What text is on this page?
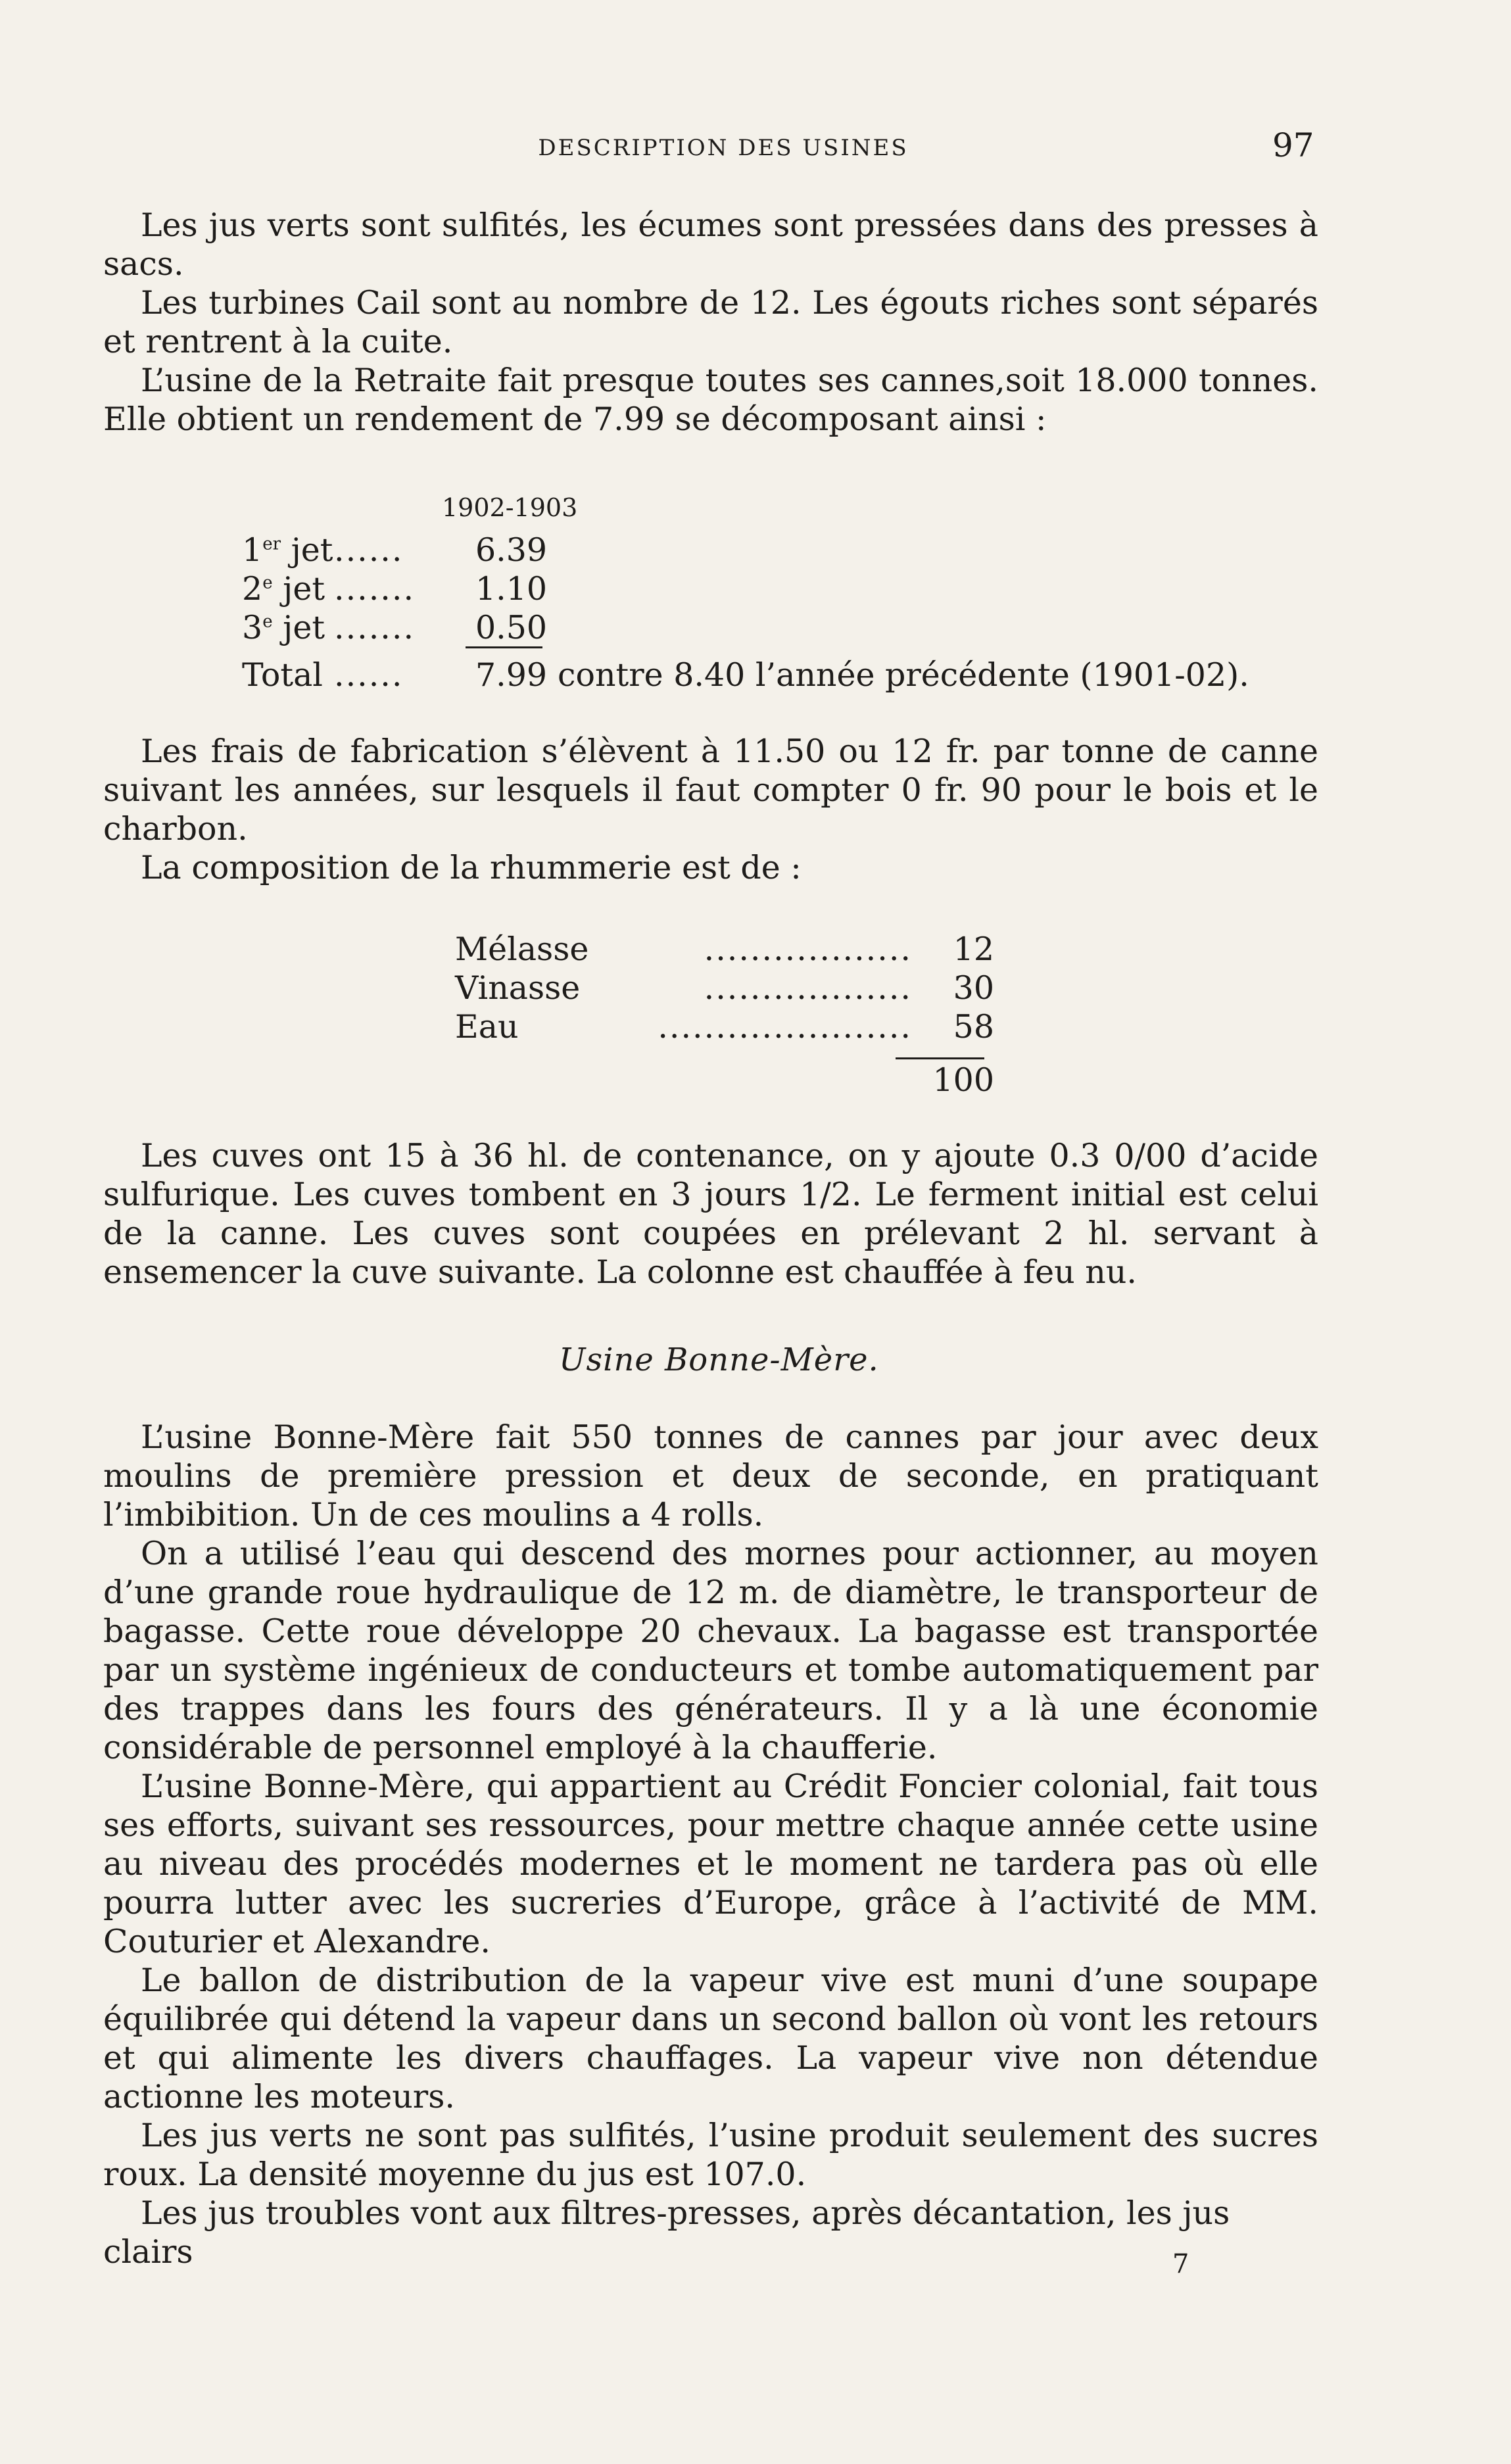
DESCRIPTION DES USINES	97

Les jus verts sont sulfités, les écumes sont pressées dans des presses à sacs.

Les turbines Cail sont au nombre de 12. Les égouts riches sont séparés et rentrent à la cuite.

L’usine de la Retraite fait presque toutes ses cannes,soit 18.000 tonnes. Elle obtient un rendement de 7.99 se décomposant ainsi :

1902-1903
1er jet ...... 6.39
2e jet ....... 1.10
3e jet ....... 0.50
Total ...... 7.99 contre 8.40 l’année précédente (1901-02).

Les frais de fabrication s’élèvent à 11.50 ou 12 fr. par tonne de canne suivant les années, sur lesquels il faut compter 0 fr. 90 pour le bois et le charbon.

La composition de la rhummerie est de :

Mélasse	..................	12
Vinasse	..................	30
Eau	......................	58
100

Les cuves ont 15 à 36 hl. de contenance, on y ajoute 0.3 0/00 d’acide sulfurique. Les cuves tombent en 3 jours 1/2. Le ferment initial est celui de la canne. Les cuves sont coupées en prélevant 2 hl. servant à ensemencer la cuve suivante. La colonne est chauffée à feu nu.

Usine Bonne-Mère.

L’usine Bonne-Mère fait 550 tonnes de cannes par jour avec deux moulins de première pression et deux de seconde, en pratiquant l’imbibition. Un de ces moulins a 4 rolls.

On a utilisé l’eau qui descend des mornes pour actionner, au moyen d’une grande roue hydraulique de 12 m. de diamètre, le transporteur de bagasse. Cette roue développe 20 chevaux. La bagasse est transportée par un système ingénieux de conducteurs et tombe automatiquement par des trappes dans les fours des générateurs. Il y a là une économie considérable de personnel employé à la chaufferie.

L’usine Bonne-Mère, qui appartient au Crédit Foncier colonial, fait tous ses efforts, suivant ses ressources, pour mettre chaque année cette usine au niveau des procédés modernes et le moment ne tardera pas où elle pourra lutter avec les sucreries d’Europe, grâce à l’activité de MM. Couturier et Alexandre.

Le ballon de distribution de la vapeur vive est muni d’une soupape équilibrée qui détend la vapeur dans un second ballon où vont les retours et qui alimente les divers chauffages. La vapeur vive non détendue actionne les moteurs.

Les jus verts ne sont pas sulfités, l’usine produit seulement des sucres roux. La densité moyenne du jus est 107.0.

Les jus troubles vont aux filtres-presses, après décantation, les jus clairs	7
